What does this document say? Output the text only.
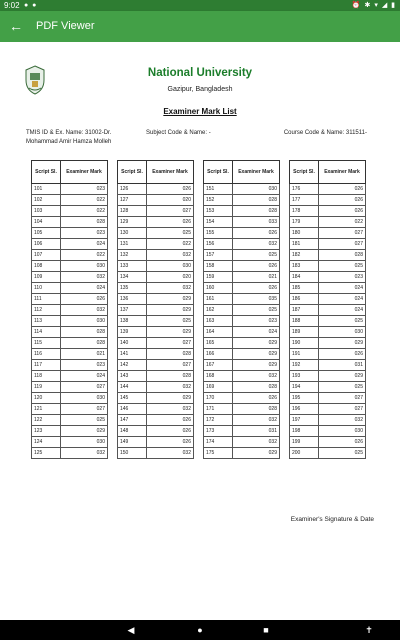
9:02 ● ●	⏰ ✱ ▾ ◢ ▮
← PDF Viewer
National University
Gazipur, Bangladesh
Examiner Mark List
TMIS ID & Ex. Name: 31002-Dr. Mohammad Amir Hamza Molleh
Subject Code & Name: -	Course Code & Name: 311511-
Script Sl.	Examiner Mark
101	023
102	022
103	022
104	028
105	023
106	024
107	022
108	030
109	032
110	024
111	026
112	032
113	030
114	028
115	028
116	021
117	023
118	024
119	027
120	030
121	027
122	025
123	029
124	030
125	032
Script Sl.	Examiner Mark
126	026
127	020
128	027
129	026
130	025
131	022
132	032
133	030
134	020
135	032
136	029
137	029
138	025
139	029
140	027
141	028
142	027
143	028
144	032
145	029
146	032
147	026
148	026
149	026
150	032
Script Sl.	Examiner Mark
151	030
152	028
153	028
154	033
155	026
156	032
157	025
158	026
159	021
160	026
161	035
162	025
163	023
164	024
165	029
166	029
167	029
168	032
169	028
170	026
171	028
172	032
173	031
174	032
175	029
Script Sl.	Examiner Mark
176	026
177	026
178	026
179	022
180	027
181	027
182	028
183	025
184	023
185	024
186	024
187	024
188	025
189	030
190	029
191	026
192	031
193	029
194	025
195	027
196	027
197	032
198	030
199	026
200	025
Examiner's Signature & Date
◀	●	■	✝
